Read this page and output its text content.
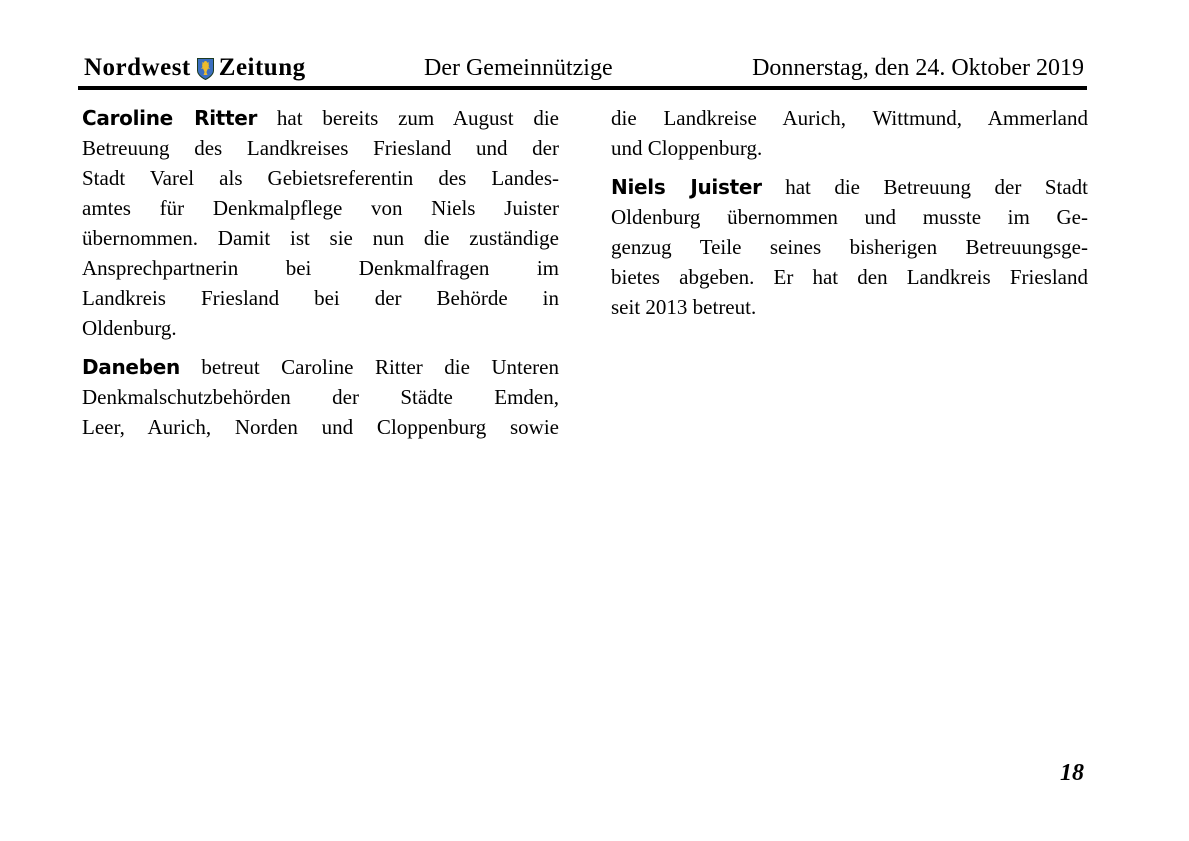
Nordwest Zeitung	Der Gemeinnützige	Donnerstag, den 24. Oktober 2019
Caroline Ritter hat bereits zum August die
Betreuung des Landkreises Friesland und der
Stadt Varel als Gebietsreferentin des Landes-
amtes für Denkmalpflege von Niels Juister
übernommen. Damit ist sie nun die zuständige
Ansprechpartnerin bei Denkmalfragen im
Landkreis Friesland bei der Behörde in
Oldenburg.
Daneben betreut Caroline Ritter die Unteren
Denkmalschutzbehörden der Städte Emden,
Leer, Aurich, Norden und Cloppenburg sowie
die Landkreise Aurich, Wittmund, Ammerland
und Cloppenburg.
Niels Juister hat die Betreuung der Stadt
Oldenburg übernommen und musste im Ge-
genzug Teile seines bisherigen Betreuungsge-
bietes abgeben. Er hat den Landkreis Friesland
seit 2013 betreut.
18
